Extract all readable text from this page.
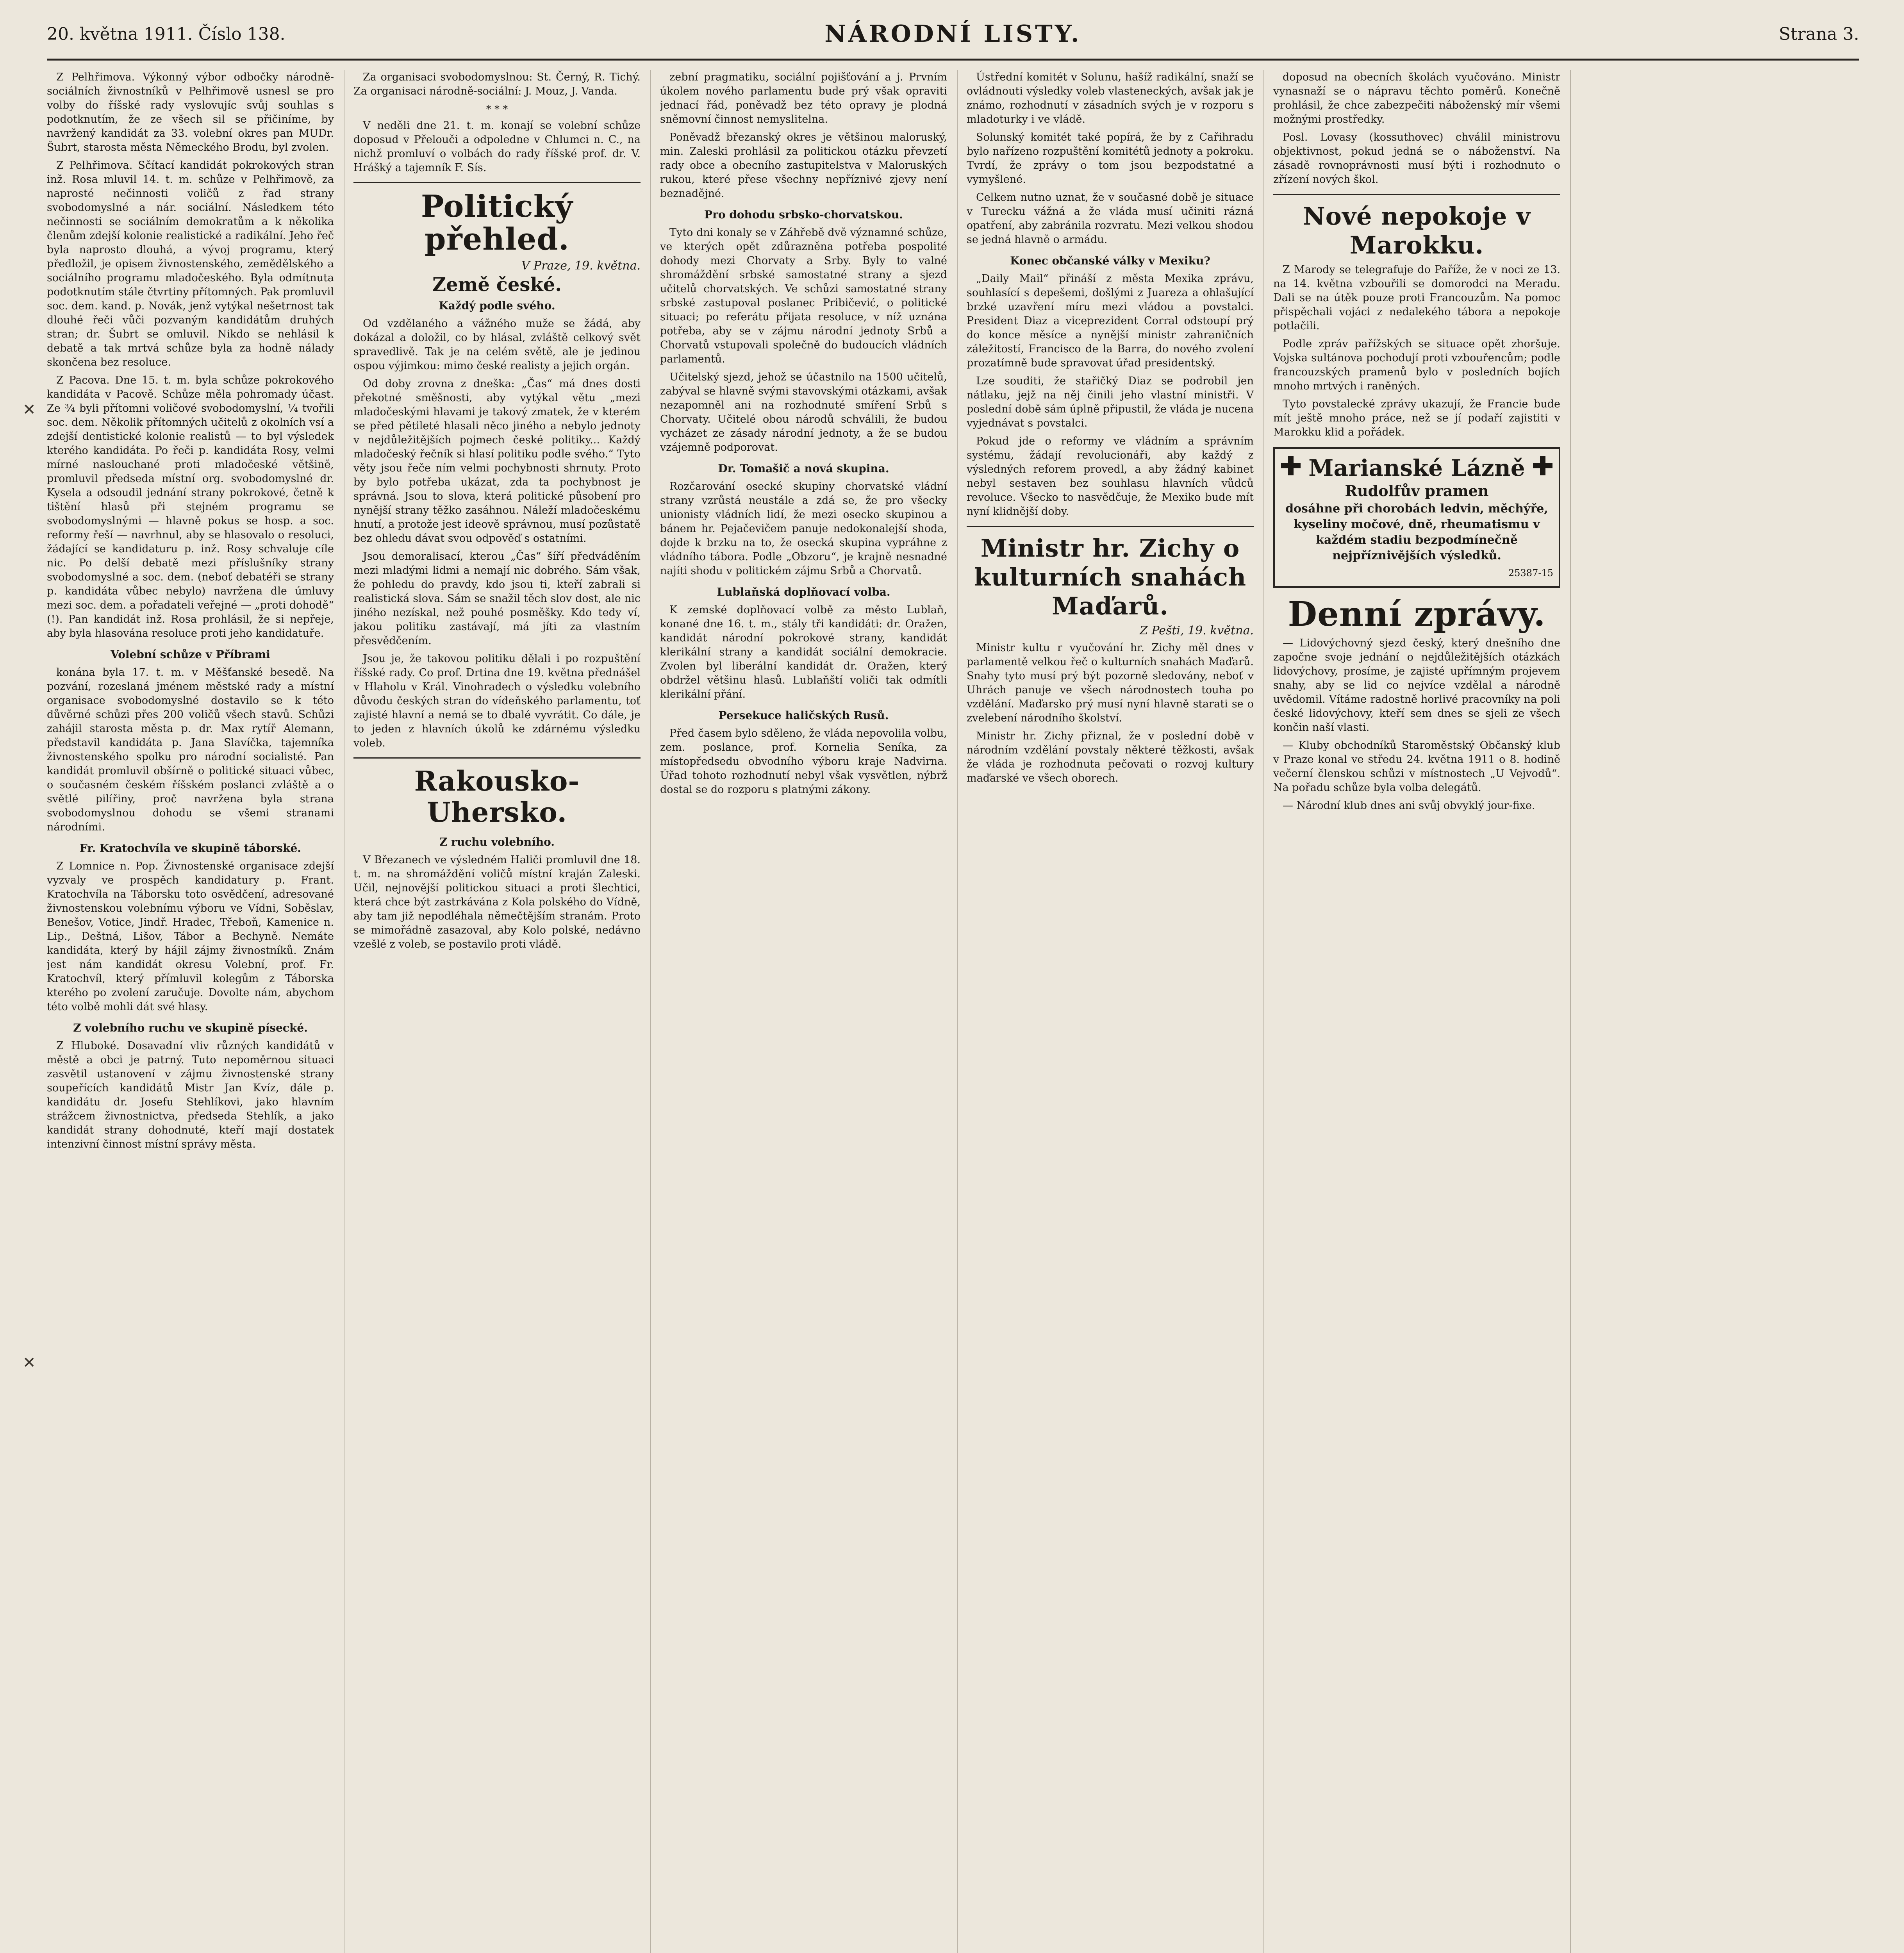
20. května 1911. Číslo 138.	NÁRODNÍ LISTY.	Strana 3.

Z Pelhřimova. Výkonný výbor odbočky národně-sociálních živnostníků v Pelhřimově usnesl se pro volby do říšské rady vyslovujíc svůj souhlas s podotknutím, že ze všech sil se přičiníme, by navržený kandidát za 33. volební okres pan MUDr. Šubrt, starosta města Německého Brodu, byl zvolen.

Z Pelhřimova. Sčítací kandidát pokrokových stran inž. Rosa mluvil 14. t. m. schůze v Pelhřimově, za naprosté nečinnosti voličů z řad strany svobodomyslné a nár. sociální. Následkem této nečinnosti se sociálním demokratům a k několika členům zdejší kolonie realistické a radikální. Jeho řeč byla naprosto dlouhá, a vývoj programu, který předložil, je opisem živnostenského, zemědělského a sociálního programu mladočeského. Byla odmítnuta podotknutím stále čtvrtiny přítomných. Pak promluvil soc. dem. kand. p. Novák, jenž vytýkal nešetrnost tak dlouhé řeči vůči pozvaným kandidátům druhých stran; dr. Šubrt se omluvil. Nikdo se nehlásil k debatě a tak mrtvá schůze byla za hodně nálady skončena bez resoluce.

Z Pacova. Dne 15. t. m. byla schůze pokrokového kandidáta v Pacově. Schůze měla pohromady účast. Ze ¾ byli přítomni voličové svobodomyslní, ¼ tvořili soc. dem. Několik přítomných učitelů z okolních vsí a zdejší dentistické kolonie realistů — to byl výsledek kterého kandidáta. Po řeči p. kandidáta Rosy, velmi mírné naslouchané proti mladočeské většině, promluvil předseda místní org. svobodomyslné dr. Kysela a odsoudil jednání strany pokrokové, četně k tištění hlasů při stejném programu se svobodomyslnými — hlavně pokus se hosp. a soc. reformy řeší — navrhnul, aby se hlasovalo o resoluci, žádající se kandidaturu p. inž. Rosy schvaluje cíle nic. Po delší debatě mezi příslušníky strany svobodomyslné a soc. dem. (neboť debatéři se strany p. kandidáta vůbec nebylo) navržena dle úmluvy mezi soc. dem. a pořadateli veřejné — „proti dohodě“ (!). Pan kandidát inž. Rosa prohlásil, že si nepřeje, aby byla hlasována resoluce proti jeho kandidatuře.

Volební schůze v Příbrami

konána byla 17. t. m. v Měšťanské besedě. Na pozvání, rozeslaná jménem městské rady a místní organisace svobodomyslné dostavilo se k této důvěrné schůzi přes 200 voličů všech stavů. Schůzi zahájil starosta města p. dr. Max rytíř Alemann, představil kandidáta p. Jana Slavíčka, tajemníka živnostenského spolku pro národní socialisté. Pan kandidát promluvil obšírně o politické situaci vůbec, o současném českém říšském poslanci zvláště a o světlé pilířiny, proč navržena byla strana svobodomyslnou dohodu se všemi stranami národními.

Fr. Kratochvíla ve skupině táborské.

Z Lomnice n. Pop. Živnostenské organisace zdejší vyzvaly ve prospěch kandidatury p. Frant. Kratochvíla na Táborsku toto osvědčení, adresované živnostenskou volebnímu výboru ve Vídni, Soběslav, Benešov, Votice, Jindř. Hradec, Třeboň, Kamenice n. Lip., Deštná, Lišov, Tábor a Bechyně. Nemáte kandidáta, který by hájil zájmy živnostníků. Znám jest nám kandidát okresu Volební, prof. Fr. Kratochvíl, který přímluvil kolegům z Táborska kterého po zvolení zaručuje. Dovolte nám, abychom této volbě mohli dát své hlasy.

Z volebního ruchu ve skupině písecké.

Z Hluboké. Dosavadní vliv různých kandidátů v městě a obci je patrný. Tuto nepoměrnou situaci zasvětil ustanovení v zájmu živnostenské strany soupeřících kandidátů Mistr Jan Kvíz, dále p. kandidátu dr. Josefu Stehlíkovi, jako hlavním strážcem živnostnictva, předseda Stehlík, a jako kandidát strany dohodnuté, kteří mají dostatek intenzivní činnost místní správy města.

Za organisaci svobodomyslnou: St. Černý, R. Tichý. Za organisaci národně-sociální: J. Mouz, J. Vanda.

* * *

V neděli dne 21. t. m. konají se volební schůze doposud v Přelouči a odpoledne v Chlumci n. C., na nichž promluví o volbách do rady říšské prof. dr. V. Hrášký a tajemník F. Sís.

Politický přehled.
V Praze, 19. května.
Země české.
Každý podle svého.

Od vzdělaného a vážného muže se žádá, aby dokázal a doložil, co by hlásal, zvláště celkový svět spravedlivě. Tak je na celém světě, ale je jedinou ospou výjimkou: mimo české realisty a jejich orgán.

Od doby zrovna z dneška: „Čas“ má dnes dosti překotné směšnosti, aby vytýkal větu „mezi mladočeskými hlavami je takový zmatek, že v kterém se před pětileté hlasali něco jiného a nebylo jednoty v nejdůležitějších pojmech české politiky... Každý mladočeský řečník si hlasí politiku podle svého.“ Tyto věty jsou řeče ním velmi pochybnosti shrnuty. Proto by bylo potřeba ukázat, zda ta pochybnost je správná. Jsou to slova, která politické působení pro nynější strany těžko zasáhnou. Náleží mladočeskému hnutí, a protože jest ideově správnou, musí pozůstatě bez ohledu dávat svou odpověď s ostatními.

Jsou demoralisací, kterou „Čas“ šíří předváděním mezi mladými lidmi a nemají nic dobrého. Sám však, že pohledu do pravdy, kdo jsou ti, kteří zabrali si realistická slova. Sám se snažil těch slov dost, ale nic jiného nezískal, než pouhé posměšky. Kdo tedy ví, jakou politiku zastávají, má jíti za vlastním přesvědčením.

Jsou je, že takovou politiku dělali i po rozpuštění říšské rady. Co prof. Drtina dne 19. května přednášel v Hlaholu v Král. Vinohradech o výsledku volebního důvodu českých stran do vídeňského parlamentu, toť zajisté hlavní a nemá se to dbalé vyvrátit. Co dále, je to jeden z hlavních úkolů ke zdárnému výsledku voleb.

Rakousko-Uhersko.
Z ruchu volebního.

V Březanech ve výsledném Haliči promluvil dne 18. t. m. na shromáždění voličů místní kraján Zaleski. Učil, nejnovější politickou situaci a proti šlechtici, která chce být zastrkávána z Kola polského do Vídně, aby tam již nepodléhala němečtějším stranám. Proto se mimořádně zasazoval, aby Kolo polské, nedávno vzešlé z voleb, se postavilo proti vládě.

zební pragmatiku, sociální pojišťování a j. Prvním úkolem nového parlamentu bude prý však opraviti jednací řád, poněvadž bez této opravy je plodná sněmovní činnost nemyslitelna.

Poněvadž březanský okres je většinou maloruský, min. Zaleski prohlásil za politickou otázku převzetí rady obce a obecního zastupitelstva v Maloruských rukou, které přese všechny nepříznivé zjevy není beznadějné.

Pro dohodu srbsko-chorvatskou.

Tyto dni konaly se v Záhřebě dvě významné schůze, ve kterých opět zdůrazněna potřeba pospolité dohody mezi Chorvaty a Srby. Byly to valné shromáždění srbské samostatné strany a sjezd učitelů chorvatských. Ve schůzi samostatné strany srbské zastupoval poslanec Pribičević, o politické situaci; po referátu přijata resoluce, v níž uznána potřeba, aby se v zájmu národní jednoty Srbů a Chorvatů vstupovali společně do budoucích vládních parlamentů.

Učitelský sjezd, jehož se účastnilo na 1500 učitelů, zabýval se hlavně svými stavovskými otázkami, avšak nezapomněl ani na rozhodnuté smíření Srbů s Chorvaty. Učitelé obou národů schválili, že budou vycházet ze zásady národní jednoty, a že se budou vzájemně podporovat.

Dr. Tomašič a nová skupina.

Rozčarování osecké skupiny chorvatské vládní strany vzrůstá neustále a zdá se, že pro všecky unionisty vládních lidí, že mezi osecko skupinou a bánem hr. Pejačevičem panuje nedokonalejší shoda, dojde k brzku na to, že osecká skupina vypráhne z vládního tábora. Podle „Obzoru“, je krajně nesnadné najíti shodu v politickém zájmu Srbů a Chorvatů.

Lublaňská doplňovací volba.

K zemské doplňovací volbě za město Lublaň, konané dne 16. t. m., stály tři kandidáti: dr. Oražen, kandidát národní pokrokové strany, kandidát klerikální strany a kandidát sociální demokracie. Zvolen byl liberální kandidát dr. Oražen, který obdržel většinu hlasů. Lublaňští voliči tak odmítli klerikální přání.

Persekuce haličských Rusů.

Před časem bylo sděleno, že vláda nepovolila volbu, zem. poslance, prof. Kornelia Seníka, za místopředsedu obvodního výboru kraje Nadvirna. Úřad tohoto rozhodnutí nebyl však vysvětlen, nýbrž dostal se do rozporu s platnými zákony.

Ústřední komitét v Solunu, hašíž radikální, snaží se ovládnouti výsledky voleb vlasteneckých, avšak jak je známo, rozhodnutí v zásadních svých je v rozporu s mladoturky i ve vládě.

Solunský komitét také popírá, že by z Cařihradu bylo nařízeno rozpuštění komitétů jednoty a pokroku. Tvrdí, že zprávy o tom jsou bezpodstatné a vymyšlené.

Celkem nutno uznat, že v současné době je situace v Turecku vážná a že vláda musí učiniti rázná opatření, aby zabránila rozvratu. Mezi velkou shodou se jedná hlavně o armádu.

Konec občanské války v Mexiku?

„Daily Mail“ přináší z města Mexika zprávu, souhlasící s depešemi, došlými z Juareza a ohlašující brzké uzavření míru mezi vládou a povstalci. President Diaz a viceprezident Corral odstoupí prý do konce měsíce a nynější ministr zahraničních záležitostí, Francisco de la Barra, do nového zvolení prozatímně bude spravovat úřad presidentský.

Lze souditi, že stařičký Diaz se podrobil jen nátlaku, jejž na něj činili jeho vlastní ministři. V poslední době sám úplně připustil, že vláda je nucena vyjednávat s povstalci.

Pokud jde o reformy ve vládním a správním systému, žádají revolucionáři, aby každý z výsledných reforem provedl, a aby žádný kabinet nebyl sestaven bez souhlasu hlavních vůdců revoluce. Všecko to nasvědčuje, že Mexiko bude mít nyní klidnější doby.

Ministr hr. Zichy o kulturních snahách Maďarů.
Z Pešti, 19. května.

Ministr kultu r vyučování hr. Zichy měl dnes v parlamentě velkou řeč o kulturních snahách Maďarů. Snahy tyto musí prý být pozorně sledovány, neboť v Uhrách panuje ve všech národnostech touha po vzdělání. Maďarsko prý musí nyní hlavně starati se o zvelebení národního školství.

Ministr hr. Zichy přiznal, že v poslední době v národním vzdělání povstaly některé těžkosti, avšak že vláda je rozhodnuta pečovati o rozvoj kultury maďarské ve všech oborech.

doposud na obecních školách vyučováno. Ministr vynasnaží se o nápravu těchto poměrů. Konečně prohlásil, že chce zabezpečiti náboženský mír všemi možnými prostředky.

Posl. Lovasy (kossuthovec) chválil ministrovu objektivnost, pokud jedná se o náboženství. Na zásadě rovnoprávnosti musí býti i rozhodnuto o zřízení nových škol.

Nové nepokoje v Marokku.

Z Marody se telegrafuje do Paříže, že v noci ze 13. na 14. května vzbouřili se domorodci na Meradu. Dali se na útěk pouze proti Francouzům. Na pomoc přispěchali vojáci z nedalekého tábora a nepokoje potlačili.

Podle zpráv pařížských se situace opět zhoršuje. Vojska sultánova pochodují proti vzbouřencům; podle francouzských pramenů bylo v posledních bojích mnoho mrtvých i raněných.

Tyto povstalecké zprávy ukazují, že Francie bude mít ještě mnoho práce, než se jí podaří zajistiti v Marokku klid a pořádek.

Marianské Lázně
Rudolfův pramen
dosáhne při chorobách ledvin, měchýře, kyseliny močové, dně, rheumatismu v každém stadiu bezpodmínečně nejpříznivějších výsledků.
25387-15
Denní zprávy.

— Lidovýchovný sjezd český, který dnešního dne započne svoje jednání o nejdůležitějších otázkách lidovýchovy, prosíme, je zajisté upřímným projevem snahy, aby se lid co nejvíce vzdělal a národně uvědomil. Vítáme radostně horlivé pracovníky na poli české lidovýchovy, kteří sem dnes se sjeli ze všech končin naší vlasti.

— Kluby obchodníků Staroměstský Občanský klub v Praze konal ve středu 24. května 1911 o 8. hodině večerní členskou schůzi v místnostech „U Vejvodů“. Na pořadu schůze byla volba delegátů.

— Národní klub dnes ani svůj obvyklý jour-fixe.

✕
✕
